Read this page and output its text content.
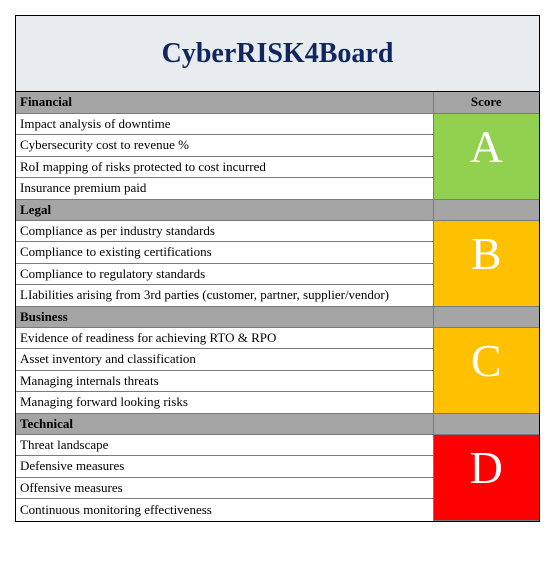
CyberRISK4Board
Financial	Score
Impact analysis of downtime	A
Cybersecurity cost to revenue %	
RoI mapping of risks protected to cost incurred	
Insurance premium paid	
Legal	
Compliance as per industry standards	B
Compliance to existing certifications	
Compliance to regulatory standards	
LIabilities arising from 3rd parties (customer, partner, supplier/vendor)	
Business	
Evidence of readiness for achieving RTO & RPO	C
Asset inventory and classification	
Managing internals threats	
Managing forward looking risks	
Technical	
Threat landscape	D
Defensive measures	
Offensive measures	
Continuous monitoring effectiveness	
